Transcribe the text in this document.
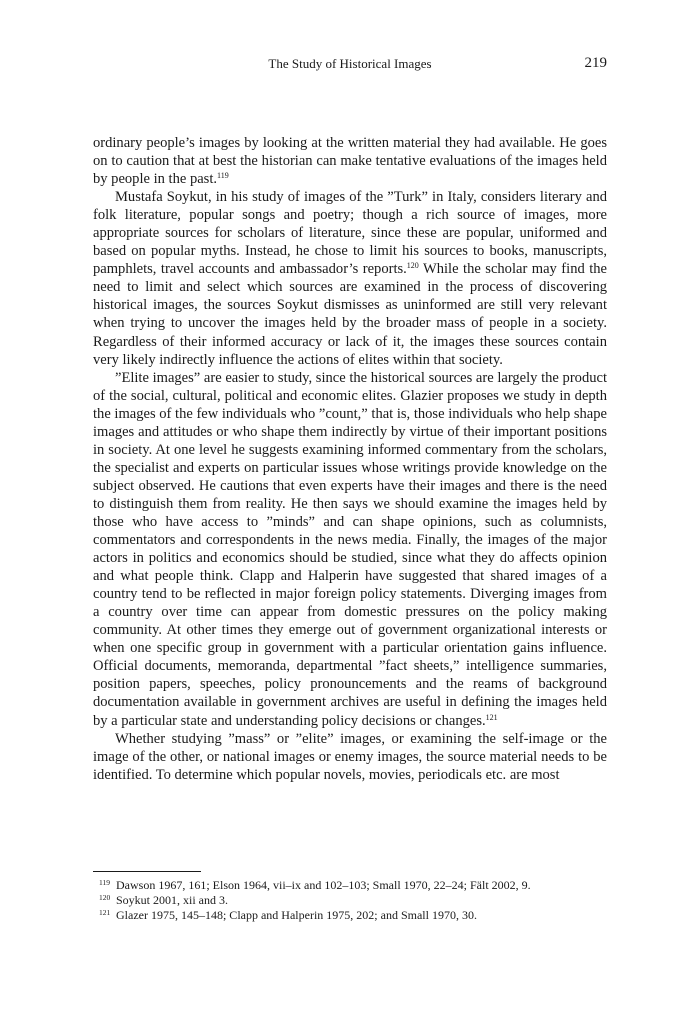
The Study of Historical Images	219

ordinary people’s images by looking at the written material they had available. He goes on to caution that at best the historian can make tentative evaluations of the images held by people in the past.$^{119}$

Mustafa Soykut, in his study of images of the ”Turk” in Italy, considers literary and folk literature, popular songs and poetry; though a rich source of images, more appropriate sources for scholars of literature, since these are popular, uniformed and based on popular myths. Instead, he chose to limit his sources to books, manuscripts, pamphlets, travel accounts and ambassador’s reports.$^{120}$ While the scholar may find the need to limit and select which sources are examined in the process of discovering historical images, the sources Soykut dismisses as uninformed are still very relevant when trying to uncover the images held by the broader mass of people in a society. Regardless of their informed accuracy or lack of it, the images these sources contain very likely indirectly influence the actions of elites within that society.

”Elite images” are easier to study, since the historical sources are largely the product of the social, cultural, political and economic elites. Glazier proposes we study in depth the images of the few individuals who ”count,” that is, those individuals who help shape images and attitudes or who shape them indirectly by virtue of their important positions in society. At one level he suggests examining informed commentary from the scholars, the specialist and experts on particular issues whose writings provide knowledge on the subject observed. He cautions that even experts have their images and there is the need to distinguish them from reality. He then says we should examine the images held by those who have access to ”minds” and can shape opinions, such as columnists, commentators and correspondents in the news media. Finally, the images of the major actors in politics and economics should be studied, since what they do affects opinion and what people think. Clapp and Halperin have suggested that shared images of a country tend to be reflected in major foreign policy statements. Diverging images from a country over time can appear from domestic pressures on the policy making community. At other times they emerge out of government organizational interests or when one specific group in government with a particular orientation gains influence. Official documents, memoranda, departmental ”fact sheets,” intelligence summaries, position papers, speeches, policy pronouncements and the reams of background documentation available in government archives are useful in defining the images held by a particular state and understanding policy decisions or changes.$^{121}$

Whether studying ”mass” or ”elite” images, or examining the self-image or the image of the other, or national images or enemy images, the source material needs to be identified. To determine which popular novels, movies, periodicals etc. are most

119 Dawson 1967, 161; Elson 1964, vii–ix and 102–103; Small 1970, 22–24; Fält 2002, 9.
120 Soykut 2001, xii and 3.
121 Glazer 1975, 145–148; Clapp and Halperin 1975, 202; and Small 1970, 30.
